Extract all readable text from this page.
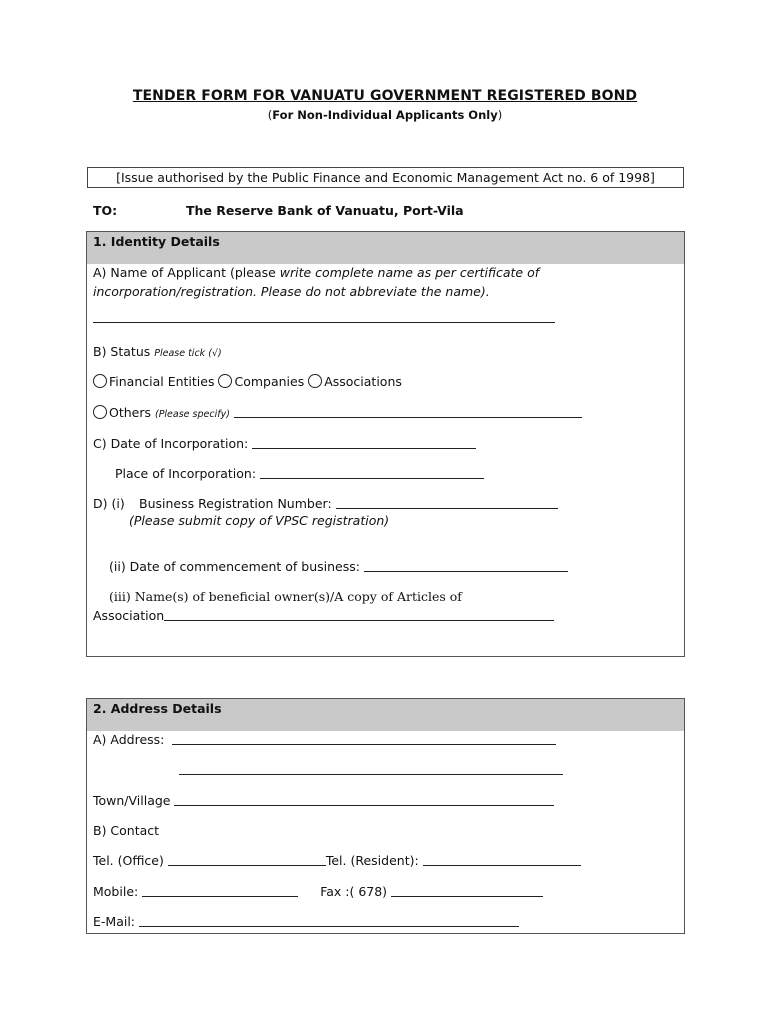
TENDER FORM FOR VANUATU GOVERNMENT REGISTERED BOND
(For Non-Individual Applicants Only)
[Issue authorised by the Public Finance and Economic Management Act no. 6 of 1998]
TO:	The Reserve Bank of Vanuatu, Port-Vila
1. Identity Details
A) Name of Applicant (please write complete name as per certificate of
incorporation/registration. Please do not abbreviate the name).
B) Status Please tick (√)
Financial Entities Companies Associations
Others (Please specify)
C) Date of Incorporation:
Place of Incorporation:
D) (i) Business Registration Number:
(Please submit copy of VPSC registration)
(ii) Date of commencement of business:
(iii) Name(s) of beneficial owner(s)/A copy of Articles of
Association
2. Address Details
A) Address:
Town/Village
B) Contact
Tel. (Office)	Tel. (Resident):
Mobile:	Fax :( 678)
E-Mail:
